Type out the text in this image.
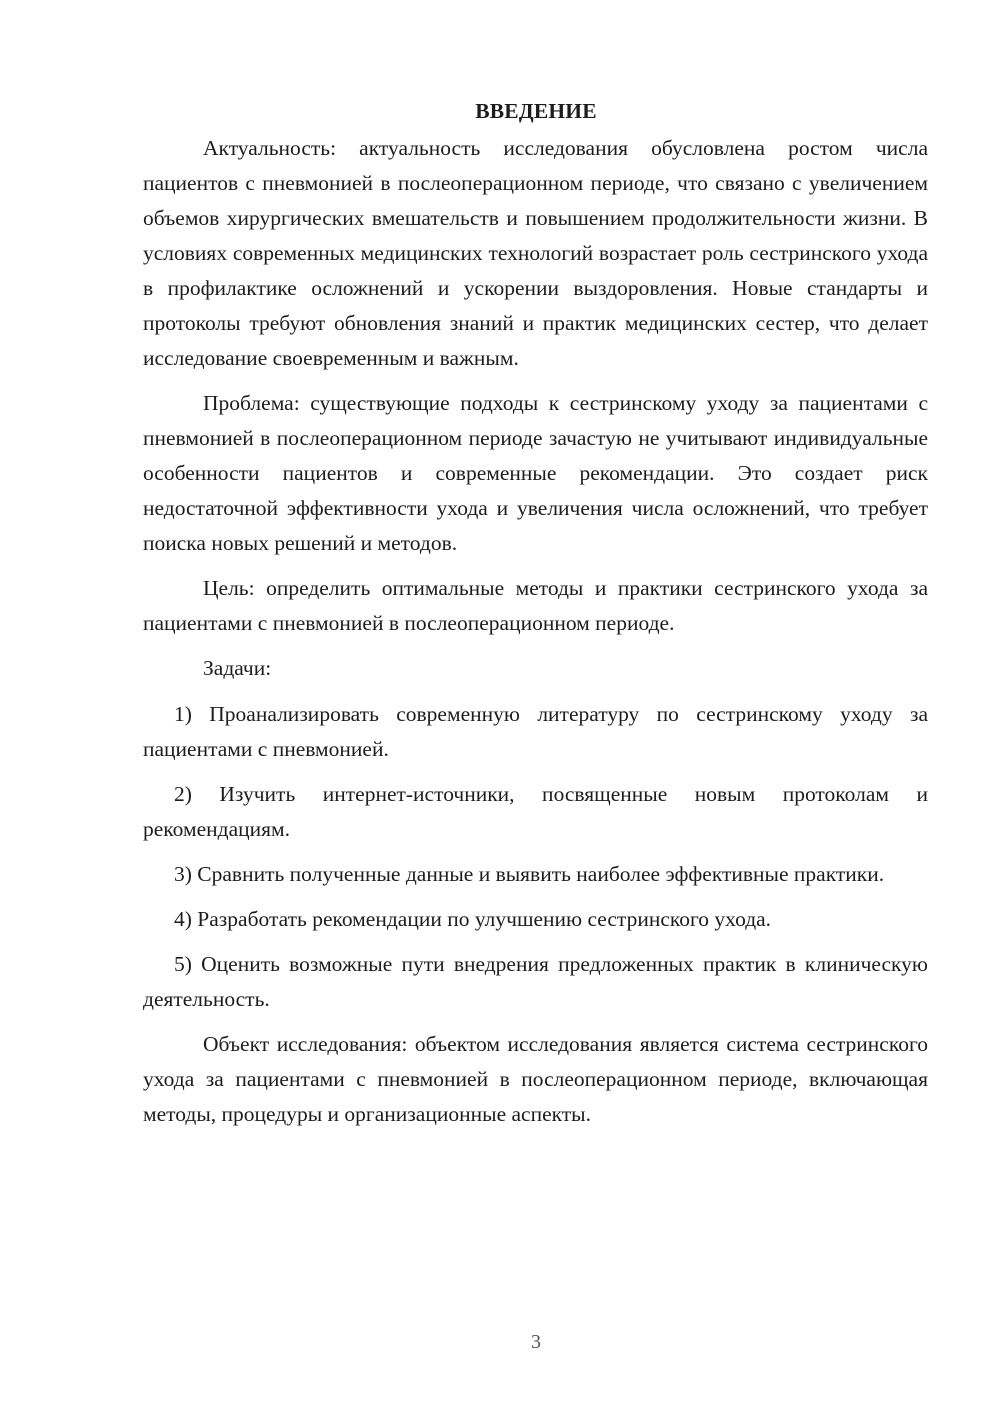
ВВЕДЕНИЕ

Актуальность: актуальность исследования обусловлена ростом числа пациентов с пневмонией в послеоперационном периоде, что связано с увеличением объемов хирургических вмешательств и повышением продолжительности жизни. В условиях современных медицинских технологий возрастает роль сестринского ухода в профилактике осложнений и ускорении выздоровления. Новые стандарты и протоколы требуют обновления знаний и практик медицинских сестер, что делает исследование своевременным и важным.

Проблема: существующие подходы к сестринскому уходу за пациентами с пневмонией в послеоперационном периоде зачастую не учитывают индивидуальные особенности пациентов и современные рекомендации. Это создает риск недостаточной эффективности ухода и увеличения числа осложнений, что требует поиска новых решений и методов.

Цель: определить оптимальные методы и практики сестринского ухода за пациентами с пневмонией в послеоперационном периоде.

Задачи:

1) Проанализировать современную литературу по сестринскому уходу за пациентами с пневмонией.

2) Изучить интернет-источники, посвященные новым протоколам и рекомендациям.

3) Сравнить полученные данные и выявить наиболее эффективные практики.

4) Разработать рекомендации по улучшению сестринского ухода.

5) Оценить возможные пути внедрения предложенных практик в клиническую деятельность.

Объект исследования: объектом исследования является система сестринского ухода за пациентами с пневмонией в послеоперационном периоде, включающая методы, процедуры и организационные аспекты.

3
